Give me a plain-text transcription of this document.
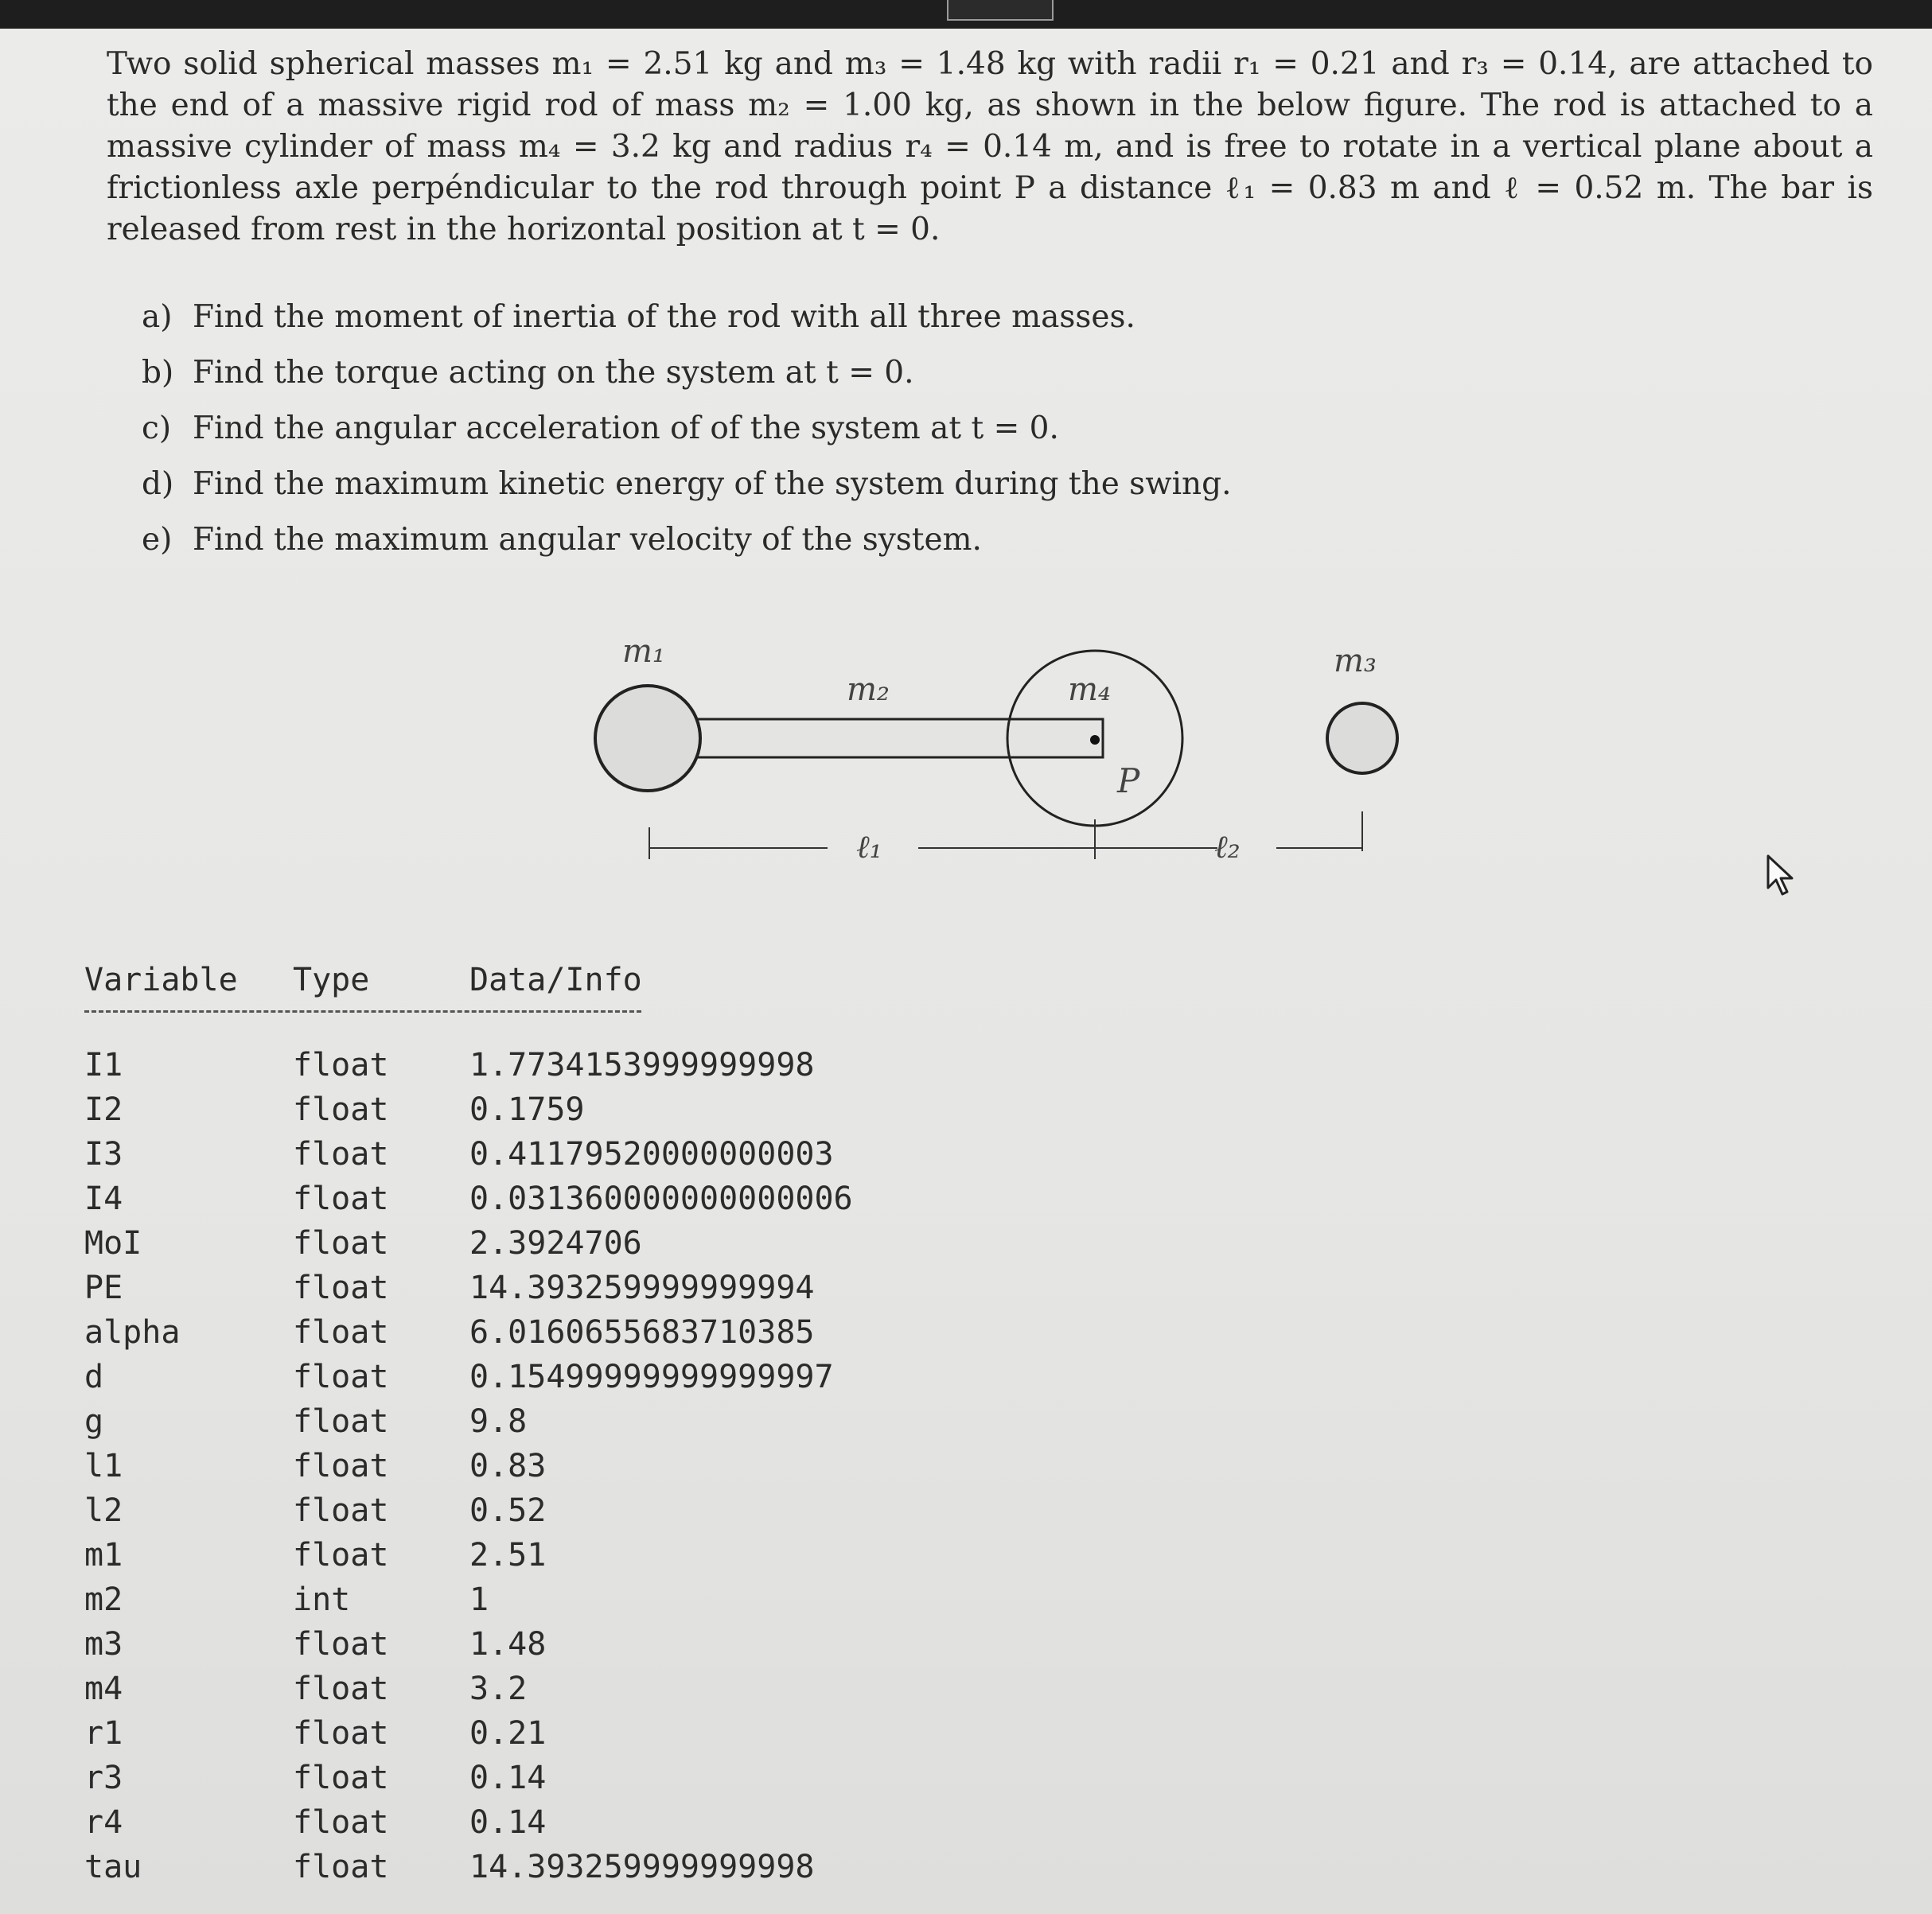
Two solid spherical masses m₁ = 2.51 kg and m₃ = 1.48 kg with radii r₁ = 0.21 and r₃ = 0.14, are attached to the end of a massive rigid rod of mass m₂ = 1.00 kg, as shown in the below figure. The rod is attached to a massive cylinder of mass m₄ = 3.2 kg and radius r₄ = 0.14 m, and is free to rotate in a vertical plane about a frictionless axle perpéndicular to the rod through point P a distance ℓ₁ = 0.83 m and ℓ = 0.52 m. The bar is released from rest in the horizontal position at t = 0.

a) Find the moment of inertia of the rod with all three masses.
b) Find the torque acting on the system at t = 0.
c) Find the angular acceleration of of the system at t = 0.
d) Find the maximum kinetic energy of the system during the swing.
e) Find the maximum angular velocity of the system.
m₁
m₂	m₄
m₃
P
ℓ₁	ℓ₂
Variable Type	Data/Info
I1	float	1.7734153999999998
I2	float	0.1759
I3	float	0.41179520000000003
I4	float	0.031360000000000006
MoI	float	2.3924706
PE	float	14.393259999999994
alpha	float	6.0160655683710385
d	float	0.15499999999999997
g	float	9.8
l1	float	0.83
l2	float	0.52
m1	float	2.51
m2	int	1
m3	float	1.48
m4	float	3.2
r1	float	0.21
r3	float	0.14
r4	float	0.14
tau	float	14.393259999999998
